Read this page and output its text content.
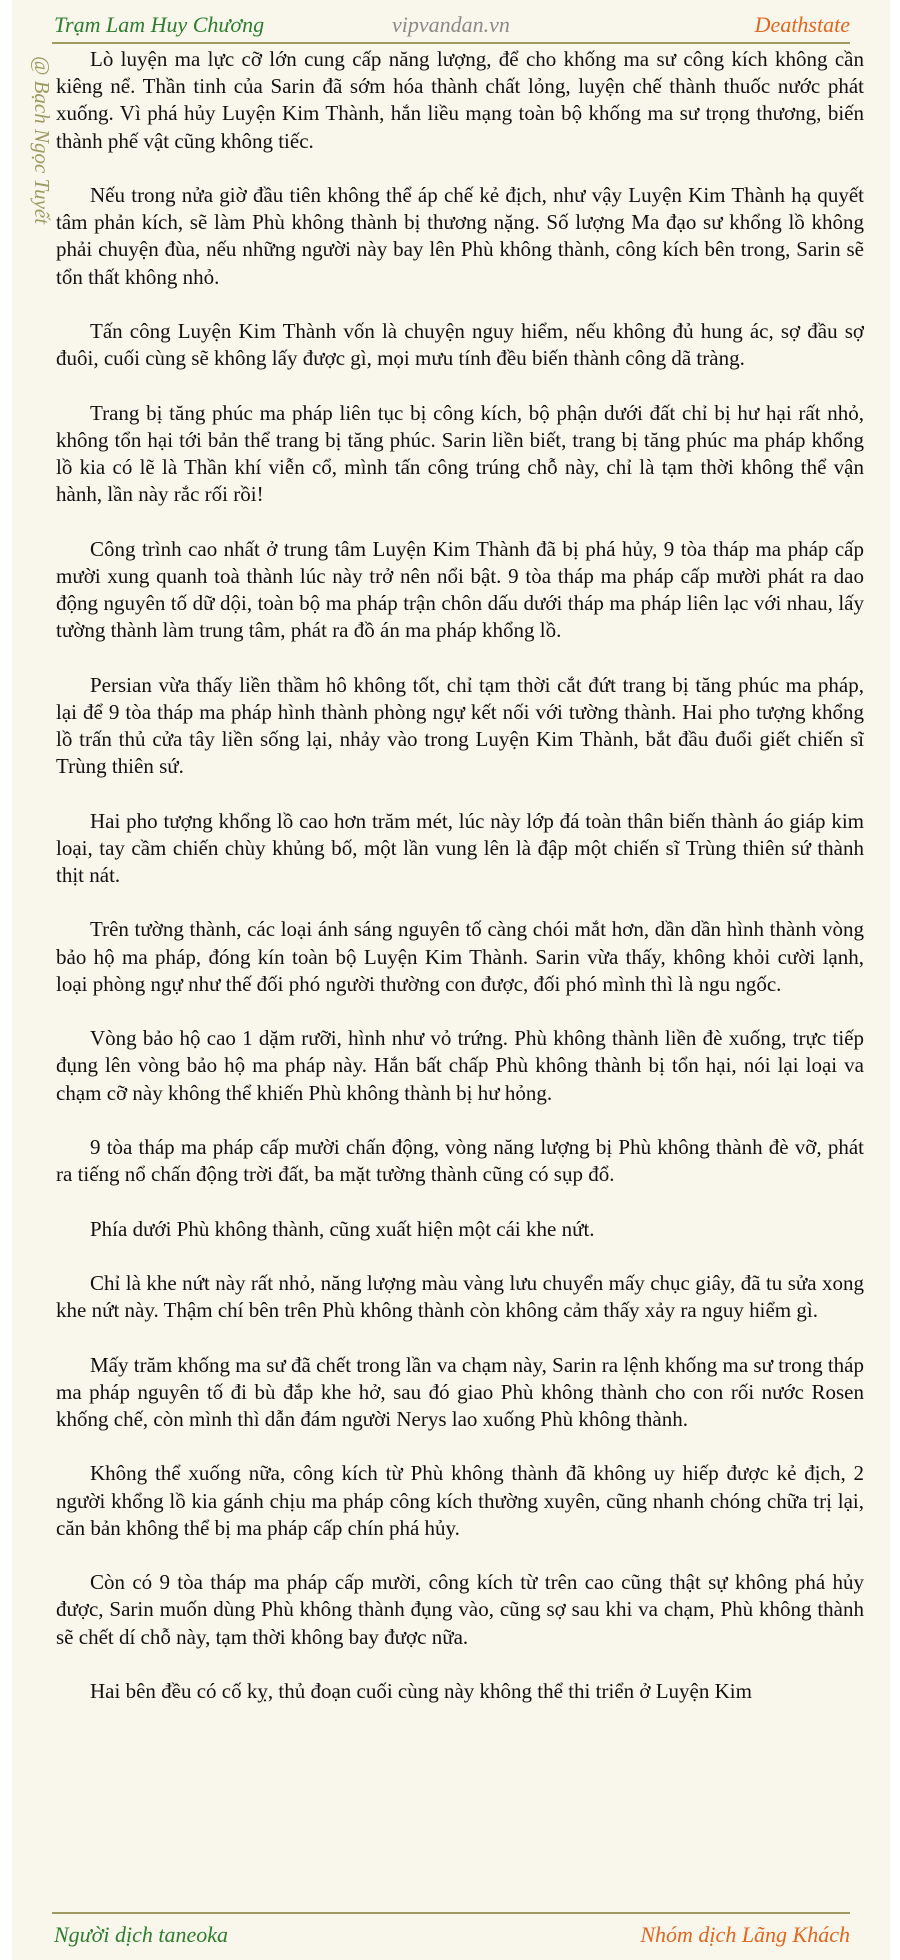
Trạm Lam Huy Chương	vipvandan.vn	Deathstate
@ Bạch Ngọc Tuyết	Lò luyện ma lực cỡ lớn cung cấp năng lượng, để cho khống ma sư công kích không cần kiêng nể. Thần tinh của Sarin đã sớm hóa thành chất lỏng, luyện chế thành thuốc nước phát xuống. Vì phá hủy Luyện Kim Thành, hắn liều mạng toàn bộ khống ma sư trọng thương, biến thành phế vật cũng không tiếc.

Nếu trong nửa giờ đầu tiên không thể áp chế kẻ địch, như vậy Luyện Kim Thành hạ quyết tâm phản kích, sẽ làm Phù không thành bị thương nặng. Số lượng Ma đạo sư khổng lồ không phải chuyện đùa, nếu những người này bay lên Phù không thành, công kích bên trong, Sarin sẽ tổn thất không nhỏ.

Tấn công Luyện Kim Thành vốn là chuyện nguy hiểm, nếu không đủ hung ác, sợ đầu sợ đuôi, cuối cùng sẽ không lấy được gì, mọi mưu tính đều biến thành công dã tràng.

Trang bị tăng phúc ma pháp liên tục bị công kích, bộ phận dưới đất chỉ bị hư hại rất nhỏ, không tổn hại tới bản thể trang bị tăng phúc. Sarin liền biết, trang bị tăng phúc ma pháp khổng lồ kia có lẽ là Thần khí viễn cổ, mình tấn công trúng chỗ này, chỉ là tạm thời không thể vận hành, lần này rắc rối rồi!

Công trình cao nhất ở trung tâm Luyện Kim Thành đã bị phá hủy, 9 tòa tháp ma pháp cấp mười xung quanh toà thành lúc này trở nên nổi bật. 9 tòa tháp ma pháp cấp mười phát ra dao động nguyên tố dữ dội, toàn bộ ma pháp trận chôn dấu dưới tháp ma pháp liên lạc với nhau, lấy tường thành làm trung tâm, phát ra đồ án ma pháp khổng lồ.

Persian vừa thấy liền thầm hô không tốt, chỉ tạm thời cắt đứt trang bị tăng phúc ma pháp, lại để 9 tòa tháp ma pháp hình thành phòng ngự kết nối với tường thành. Hai pho tượng khổng lồ trấn thủ cửa tây liền sống lại, nhảy vào trong Luyện Kim Thành, bắt đầu đuổi giết chiến sĩ Trùng thiên sứ.

Hai pho tượng khổng lồ cao hơn trăm mét, lúc này lớp đá toàn thân biến thành áo giáp kim loại, tay cầm chiến chùy khủng bố, một lần vung lên là đập một chiến sĩ Trùng thiên sứ thành thịt nát.

Trên tường thành, các loại ánh sáng nguyên tố càng chói mắt hơn, dần dần hình thành vòng bảo hộ ma pháp, đóng kín toàn bộ Luyện Kim Thành. Sarin vừa thấy, không khỏi cười lạnh, loại phòng ngự như thế đối phó người thường con được, đối phó mình thì là ngu ngốc.

Vòng bảo hộ cao 1 dặm rưỡi, hình như vỏ trứng. Phù không thành liền đè xuống, trực tiếp đụng lên vòng bảo hộ ma pháp này. Hắn bất chấp Phù không thành bị tổn hại, nói lại loại va chạm cỡ này không thể khiến Phù không thành bị hư hỏng.

9 tòa tháp ma pháp cấp mười chấn động, vòng năng lượng bị Phù không thành đè vỡ, phát ra tiếng nổ chấn động trời đất, ba mặt tường thành cũng có sụp đổ.

Phía dưới Phù không thành, cũng xuất hiện một cái khe nứt.

Chỉ là khe nứt này rất nhỏ, năng lượng màu vàng lưu chuyển mấy chục giây, đã tu sửa xong khe nứt này. Thậm chí bên trên Phù không thành còn không cảm thấy xảy ra nguy hiểm gì.

Mấy trăm khống ma sư đã chết trong lần va chạm này, Sarin ra lệnh khống ma sư trong tháp ma pháp nguyên tố đi bù đắp khe hở, sau đó giao Phù không thành cho con rối nước Rosen khống chế, còn mình thì dẫn đám người Nerys lao xuống Phù không thành.

Không thể xuống nữa, công kích từ Phù không thành đã không uy hiếp được kẻ địch, 2 người khổng lồ kia gánh chịu ma pháp công kích thường xuyên, cũng nhanh chóng chữa trị lại, căn bản không thể bị ma pháp cấp chín phá hủy.

Còn có 9 tòa tháp ma pháp cấp mười, công kích từ trên cao cũng thật sự không phá hủy được, Sarin muốn dùng Phù không thành đụng vào, cũng sợ sau khi va chạm, Phù không thành sẽ chết dí chỗ này, tạm thời không bay được nữa.

Hai bên đều có cố kỵ, thủ đoạn cuối cùng này không thể thi triển ở Luyện Kim

Người dịch taneoka	Nhóm dịch Lãng Khách
